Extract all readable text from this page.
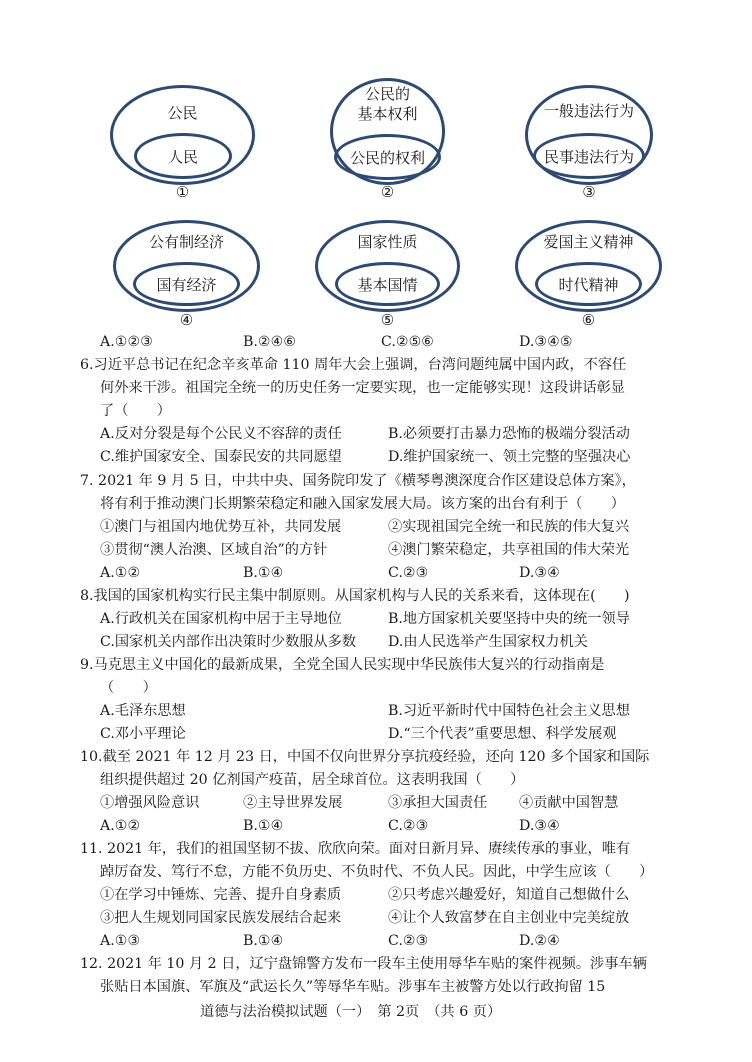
公民
人民
①
公民的
基本权利
公民的权利
②
一般违法行为
民事违法行为
③
公有制经济
国有经济
④
国家性质
基本国情
⑤
爱国主义精神
时代精神
⑥
A.①②③	B.②④⑥	C.②⑤⑥	D.③④⑤
6.习近平总书记在纪念辛亥革命 110 周年大会上强调，台湾问题纯属中国内政，不容任
何外来干涉。祖国完全统一的历史任务一定要实现，也一定能够实现！这段讲话彰显
了（　　）
A.反对分裂是每个公民义不容辞的责任	B.必须要打击暴力恐怖的极端分裂活动
C.维护国家安全、国泰民安的共同愿望	D.维护国家统一、领土完整的坚强决心
7. 2021 年 9 月 5 日，中共中央、国务院印发了《横琴粤澳深度合作区建设总体方案》，
将有利于推动澳门长期繁荣稳定和融入国家发展大局。该方案的出台有利于（　　）
①澳门与祖国内地优势互补，共同发展	②实现祖国完全统一和民族的伟大复兴
③贯彻“澳人治澳、区域自治”的方针	④澳门繁荣稳定，共享祖国的伟大荣光
A.①②	B.①④	C.②③	D.③④
8.我国的国家机构实行民主集中制原则。从国家机构与人民的关系来看，这体现在(　　)
A.行政机关在国家机构中居于主导地位	B.地方国家机关要坚持中央的统一领导
C.国家机关内部作出决策时少数服从多数 D.由人民选举产生国家权力机关
9.马克思主义中国化的最新成果，全党全国人民实现中华民族伟大复兴的行动指南是
（　　）
A.毛泽东思想	B.习近平新时代中国特色社会主义思想
C.邓小平理论	D.“三个代表”重要思想、科学发展观
10.截至 2021 年 12 月 23 日，中国不仅向世界分享抗疫经验，还向 120 多个国家和国际
组织提供超过 20 亿剂国产疫苗，居全球首位。这表明我国（　　）
①增强风险意识	②主导世界发展	③承担大国责任 ④贡献中国智慧
A.①②	B.①④	C.②③	D.③④
11. 2021 年，我们的祖国坚韧不拔、欣欣向荣。面对日新月异、赓续传承的事业，唯有
踔厉奋发、笃行不怠，方能不负历史、不负时代、不负人民。因此，中学生应该（　　）
①在学习中锤炼、完善、提升自身素质	②只考虑兴趣爱好，知道自己想做什么
③把人生规划同国家民族发展结合起来	④让个人致富梦在自主创业中完美绽放
A.①③	B.①④	C.②③	D.②④
12. 2021 年 10 月 2 日，辽宁盘锦警方发布一段车主使用辱华车贴的案件视频。涉事车辆
张贴日本国旗、军旗及“武运长久”等辱华车贴。涉事车主被警方处以行政拘留 15
道德与法治模拟试题（一）　第 2页　（共 6 页）
